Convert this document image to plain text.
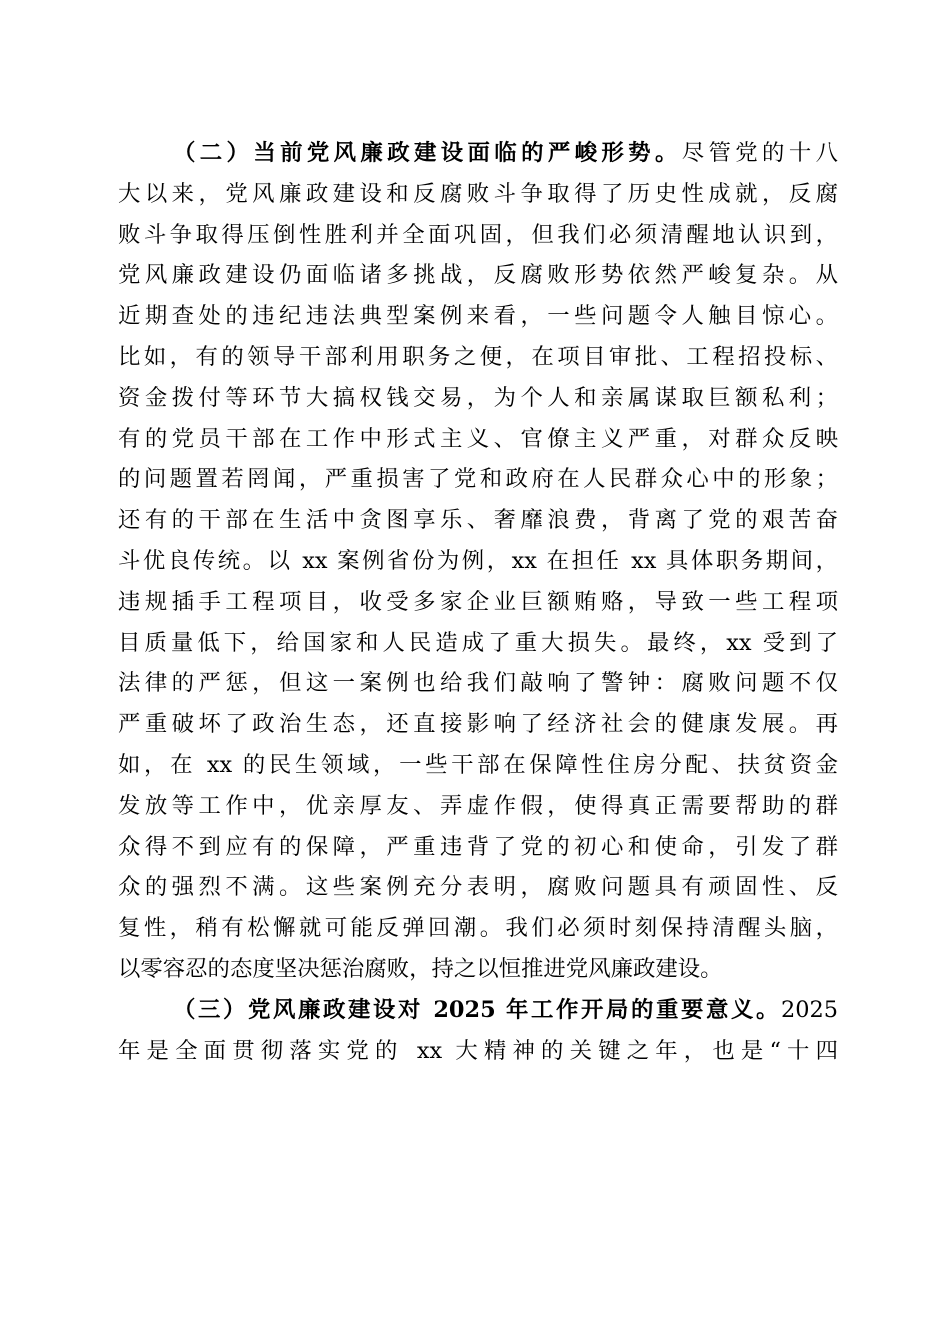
（二）当前党风廉政建设面临的严峻形势。尽管党的十八
大以来，党风廉政建设和反腐败斗争取得了历史性成就，反腐
败斗争取得压倒性胜利并全面巩固，但我们必须清醒地认识到，
党风廉政建设仍面临诸多挑战，反腐败形势依然严峻复杂。从
近期查处的违纪违法典型案例来看，一些问题令人触目惊心。
比如，有的领导干部利用职务之便，在项目审批、工程招投标、
资金拨付等环节大搞权钱交易，为个人和亲属谋取巨额私利；
有的党员干部在工作中形式主义、官僚主义严重，对群众反映
的问题置若罔闻，严重损害了党和政府在人民群众心中的形象；
还有的干部在生活中贪图享乐、奢靡浪费，背离了党的艰苦奋
斗优良传统。以 xx 案例省份为例，xx 在担任 xx 具体职务期间，
违规插手工程项目，收受多家企业巨额贿赂，导致一些工程项
目质量低下，给国家和人民造成了重大损失。最终，xx 受到了
法律的严惩，但这一案例也给我们敲响了警钟：腐败问题不仅
严重破坏了政治生态，还直接影响了经济社会的健康发展。再
如，在 xx 的民生领域，一些干部在保障性住房分配、扶贫资金
发放等工作中，优亲厚友、弄虚作假，使得真正需要帮助的群
众得不到应有的保障，严重违背了党的初心和使命，引发了群
众的强烈不满。这些案例充分表明，腐败问题具有顽固性、反
复性，稍有松懈就可能反弹回潮。我们必须时刻保持清醒头脑，
以零容忍的态度坚决惩治腐败，持之以恒推进党风廉政建设。
（三）党风廉政建设对 2025 年工作开局的重要意义。2025
年是全面贯彻落实党的 xx 大精神的关键之年，也是“十四
